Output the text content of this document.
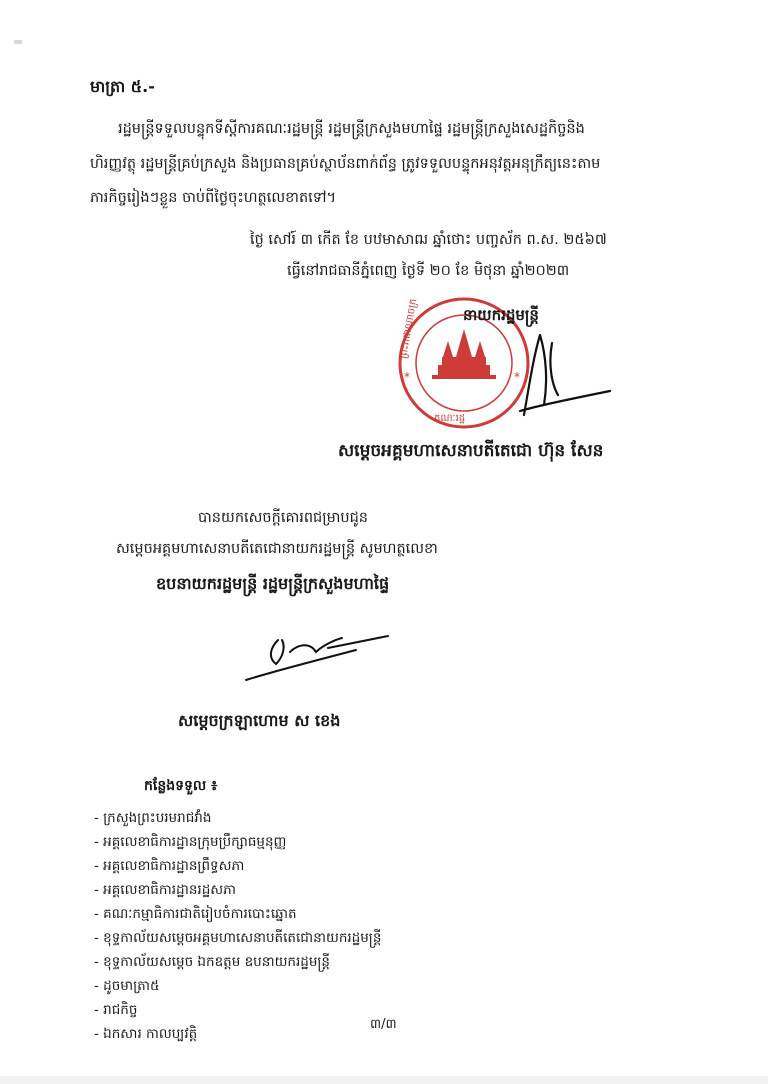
មាត្រា ៥.-
រដ្ឋមន្ត្រីទទួលបន្ទុកទីស្តីការគណៈរដ្ឋមន្ត្រី រដ្ឋមន្ត្រីក្រសួងមហាផ្ទៃ រដ្ឋមន្ត្រីក្រសួងសេដ្ឋកិច្ចនិង
ហិរញ្ញវត្ថុ រដ្ឋមន្ត្រីគ្រប់ក្រសួង និងប្រធានគ្រប់ស្ថាប័នពាក់ព័ន្ធ ត្រូវទទួលបន្ទុកអនុវត្តអនុក្រឹត្យនេះតាម
ភារកិច្ចរៀងៗខ្លួន ចាប់ពីថ្ងៃចុះហត្ថលេខាតទៅ។
ថ្ងៃ សៅរ៍ ៣ កើត ខែ បឋមាសាឍ ឆ្នាំថោះ បញ្ចស័ក ព.ស. ២៥៦៧
ធ្វើនៅរាជធានីភ្នំពេញ ថ្ងៃទី ២០ ខែ មិថុនា ឆ្នាំ២០២៣
ព្រះរាជាណាចក្រ
គណៈរដ្ឋ
*	*
នាយករដ្ឋមន្ត្រី
សម្តេចអគ្គមហាសេនាបតីតេជោ ហ៊ុន សែន
បានយកសេចក្តីគោរពជម្រាបជូន
សម្តេចអគ្គមហាសេនាបតីតេជោនាយករដ្ឋមន្ត្រី សូមហត្ថលេខា
ឧបនាយករដ្ឋមន្ត្រី រដ្ឋមន្ត្រីក្រសួងមហាផ្ទៃ
សម្តេចក្រឡាហោម ស ខេង
កន្លែងទទួល ៖
- ក្រសួងព្រះបរមរាជវាំង
- អគ្គលេខាធិការដ្ឋានក្រុមប្រឹក្សាធម្មនុញ្ញ
- អគ្គលេខាធិការដ្ឋានព្រឹទ្ធសភា
- អគ្គលេខាធិការដ្ឋានរដ្ឋសភា
- គណៈកម្មាធិការជាតិរៀបចំការបោះឆ្នោត
- ខុទ្ទកាល័យសម្តេចអគ្គមហាសេនាបតីតេជោនាយករដ្ឋមន្ត្រី
- ខុទ្ទកាល័យសម្តេច ឯកឧត្តម ឧបនាយករដ្ឋមន្ត្រី
- ដូចមាត្រា៥
- រាជកិច្ច
- ឯកសារ កាលប្បវត្តិ
៣/៣
